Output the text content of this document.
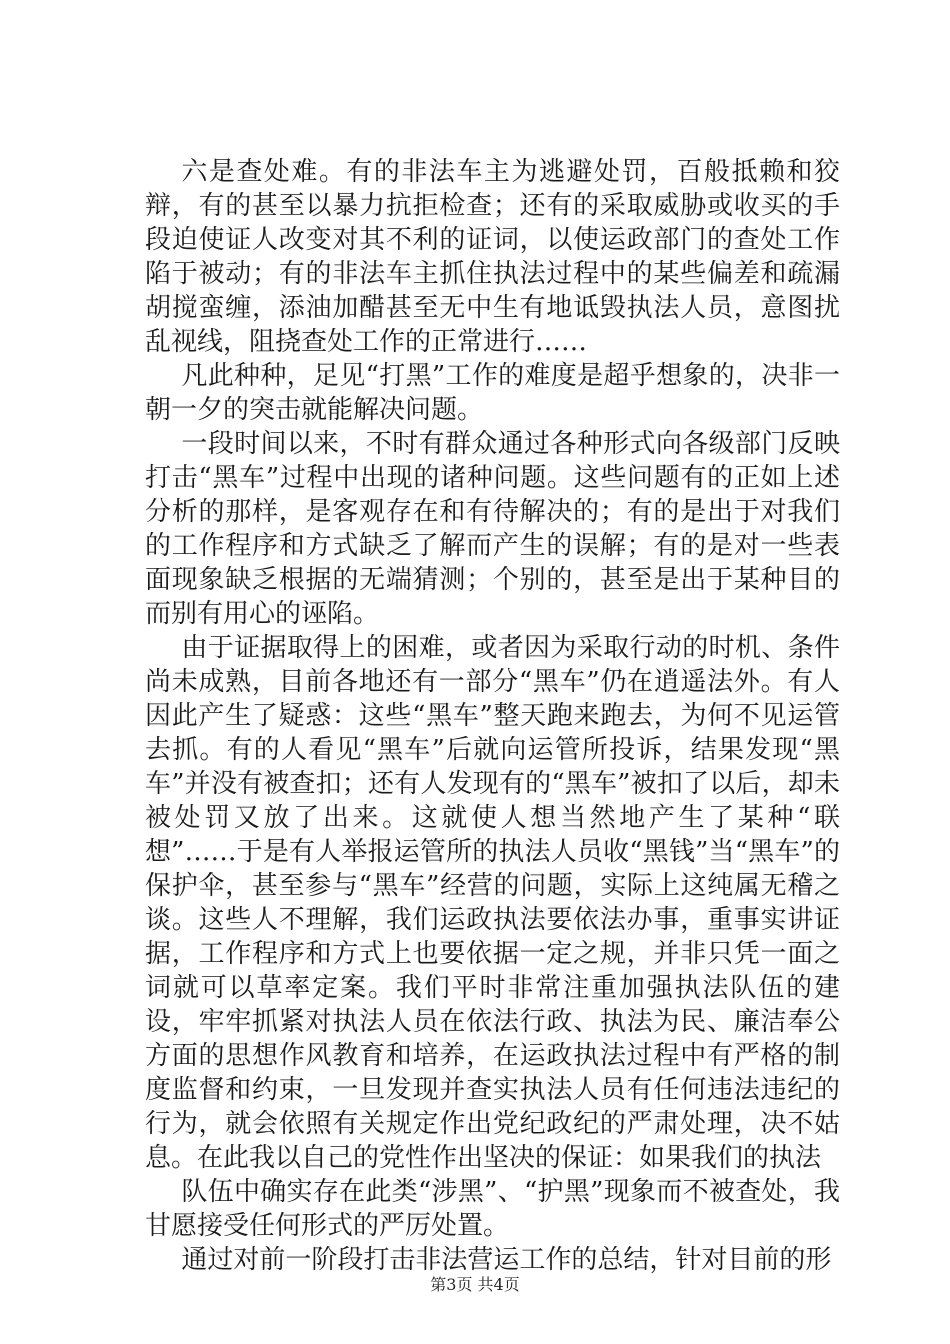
六是查处难。有的非法车主为逃避处罚，百般抵赖和狡辩，有的甚至以暴力抗拒检查；还有的采取威胁或收买的手段迫使证人改变对其不利的证词，以使运政部门的查处工作陷于被动；有的非法车主抓住执法过程中的某些偏差和疏漏胡搅蛮缠，添油加醋甚至无中生有地诋毁执法人员，意图扰乱视线，阻挠查处工作的正常进行……

凡此种种，足见“打黑”工作的难度是超乎想象的，决非一朝一夕的突击就能解决问题。

一段时间以来，不时有群众通过各种形式向各级部门反映打击“黑车”过程中出现的诸种问题。这些问题有的正如上述分析的那样，是客观存在和有待解决的；有的是出于对我们的工作程序和方式缺乏了解而产生的误解；有的是对一些表面现象缺乏根据的无端猜测；个别的，甚至是出于某种目的而别有用心的诬陷。

由于证据取得上的困难，或者因为采取行动的时机、条件尚未成熟，目前各地还有一部分“黑车”仍在逍遥法外。有人因此产生了疑惑：这些“黑车”整天跑来跑去，为何不见运管去抓。有的人看见“黑车”后就向运管所投诉，结果发现“黑车”并没有被查扣；还有人发现有的“黑车”被扣了以后，却未被处罚又放了出来。这就使人想当然地产生了某种“联想”……于是有人举报运管所的执法人员收“黑钱”当“黑车”的保护伞，甚至参与“黑车”经营的问题，实际上这纯属无稽之谈。这些人不理解，我们运政执法要依法办事，重事实讲证据，工作程序和方式上也要依据一定之规，并非只凭一面之词就可以草率定案。我们平时非常注重加强执法队伍的建设，牢牢抓紧对执法人员在依法行政、执法为民、廉洁奉公方面的思想作风教育和培养，在运政执法过程中有严格的制度监督和约束，一旦发现并查实执法人员有任何违法违纪的行为，就会依照有关规定作出党纪政纪的严肃处理，决不姑息。在此我以自己的党性作出坚决的保证：如果我们的执法

队伍中确实存在此类“涉黑”、“护黑”现象而不被查处，我甘愿接受任何形式的严厉处置。

通过对前一阶段打击非法营运工作的总结，针对目前的形

第3页 共4页
